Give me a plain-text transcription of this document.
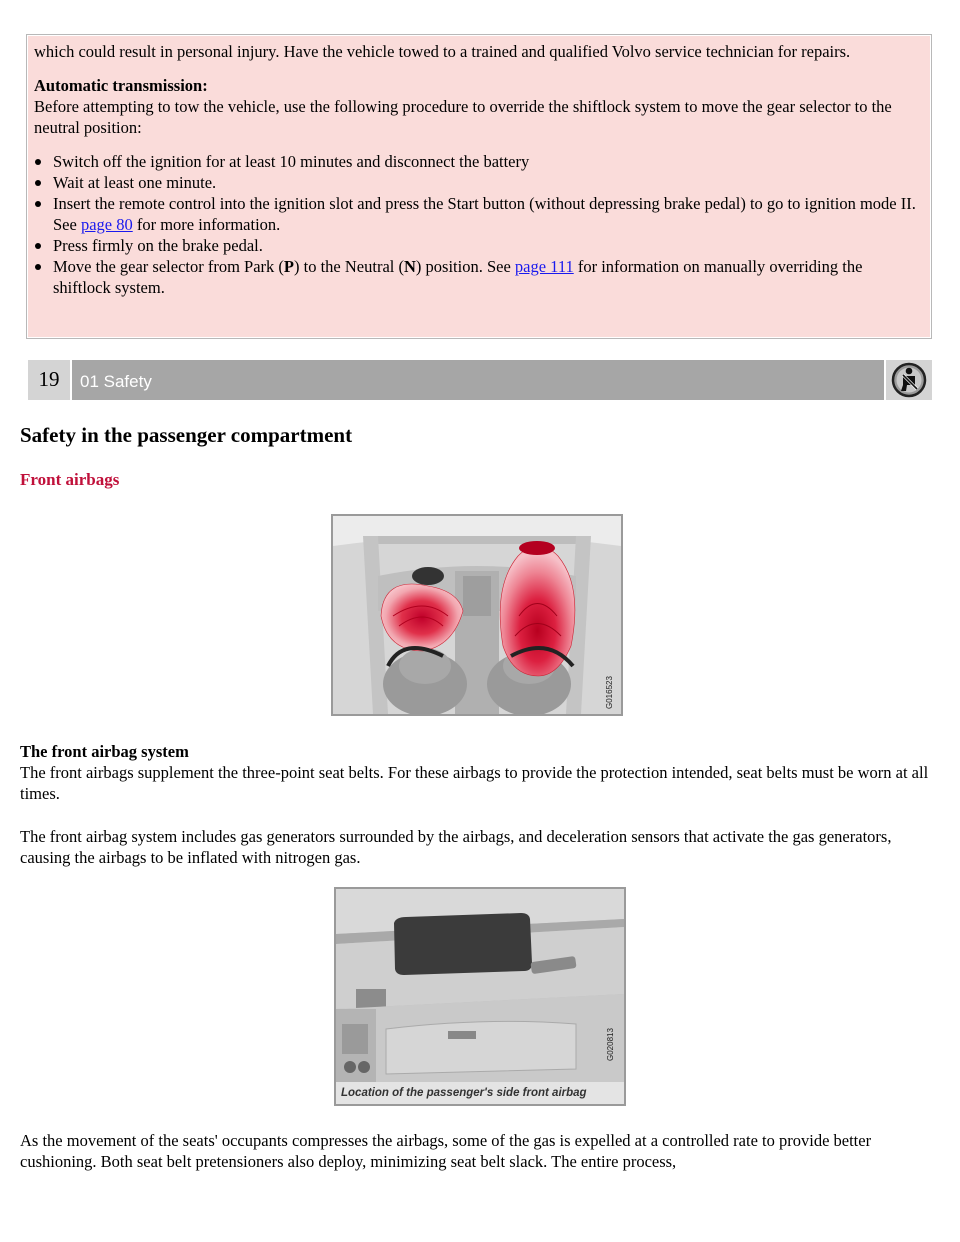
which could result in personal injury. Have the vehicle towed to a trained and qualified Volvo service technician for repairs.

Automatic transmission:

Before attempting to tow the vehicle, use the following procedure to override the shiftlock system to move the gear selector to the neutral position:

Switch off the ignition for at least 10 minutes and disconnect the battery
Wait at least one minute.
Insert the remote control into the ignition slot and press the Start button (without depressing brake pedal) to go to ignition mode II. See page 80 for more information.
Press firmly on the brake pedal.
Move the gear selector from Park (P) to the Neutral (N) position. See page 111 for information on manually overriding the shiftlock system.
19	01 Safety
Safety in the passenger compartment
Front airbags
G016523

The front airbag system
The front airbags supplement the three-point seat belts. For these airbags to provide the protection intended, seat belts must be worn at all times.

The front airbag system includes gas generators surrounded by the airbags, and deceleration sensors that activate the gas generators, causing the airbags to be inflated with nitrogen gas.

G020813
Location of the passenger's side front airbag

As the movement of the seats' occupants compresses the airbags, some of the gas is expelled at a controlled rate to provide better cushioning. Both seat belt pretensioners also deploy, minimizing seat belt slack. The entire process,
